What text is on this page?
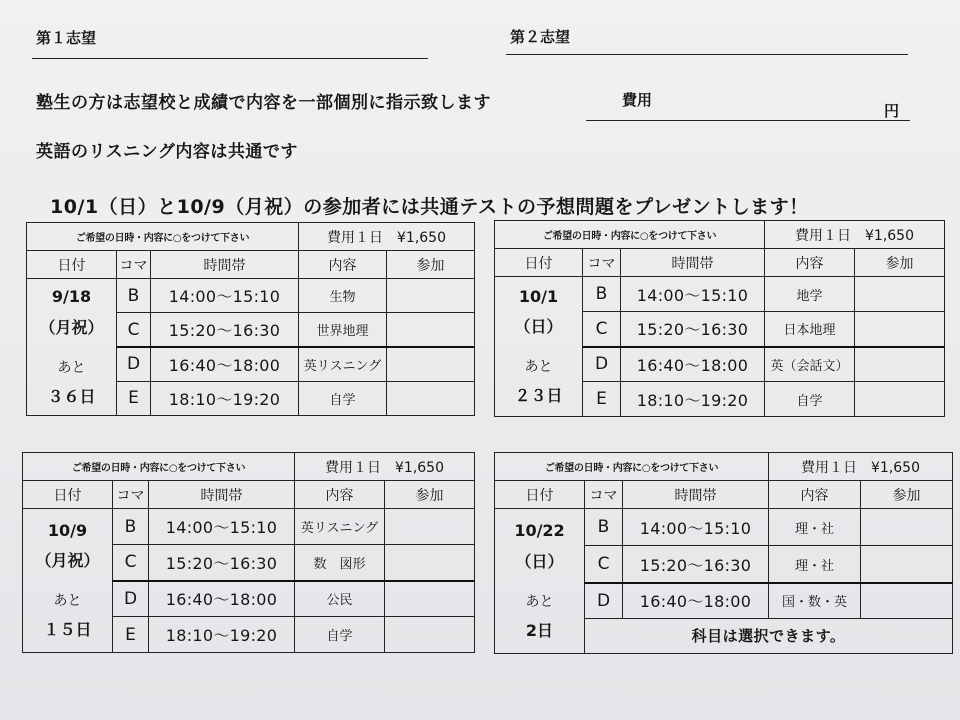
第１志望	第２志望
塾生の方は志望校と成績で内容を一部個別に指示致します	費用
円
英語のリスニング内容は共通です
10/1（日）と10/9（月祝）の参加者には共通テストの予想問題をプレゼントします！
ご希望の日時・内容に○をつけて下さい			費用１日　¥1,650	
日付	コマ	時間帯	内容	参加

9/18
（月祝）
あと
３６日	B	14:00〜15:10	生物	
	C	15:20〜16:30	世界地理	
	D	16:40〜18:00	英リスニング	
	E	18:10〜19:20	自学	
ご希望の日時・内容に○をつけて下さい			費用１日　¥1,650	
日付	コマ	時間帯	内容	参加

10/1
（日）
あと
２３日	B	14:00〜15:10	地学	
	C	15:20〜16:30	日本地理	
	D	16:40〜18:00	英（会話文）	
	E	18:10〜19:20	自学	
ご希望の日時・内容に○をつけて下さい			費用１日　¥1,650	
日付	コマ	時間帯	内容	参加

10/9
（月祝）
あと
１５日	B	14:00〜15:10	英リスニング	
	C	15:20〜16:30	数　図形	
	D	16:40〜18:00	公民	
	E	18:10〜19:20	自学	
ご希望の日時・内容に○をつけて下さい			費用１日　¥1,650	
日付	コマ	時間帯	内容	参加

10/22
（日）
あと
2日	B	14:00〜15:10	理・社	
	C	15:20〜16:30	理・社	
	D	16:40〜18:00	国・数・英	
	科目は選択できます。			
